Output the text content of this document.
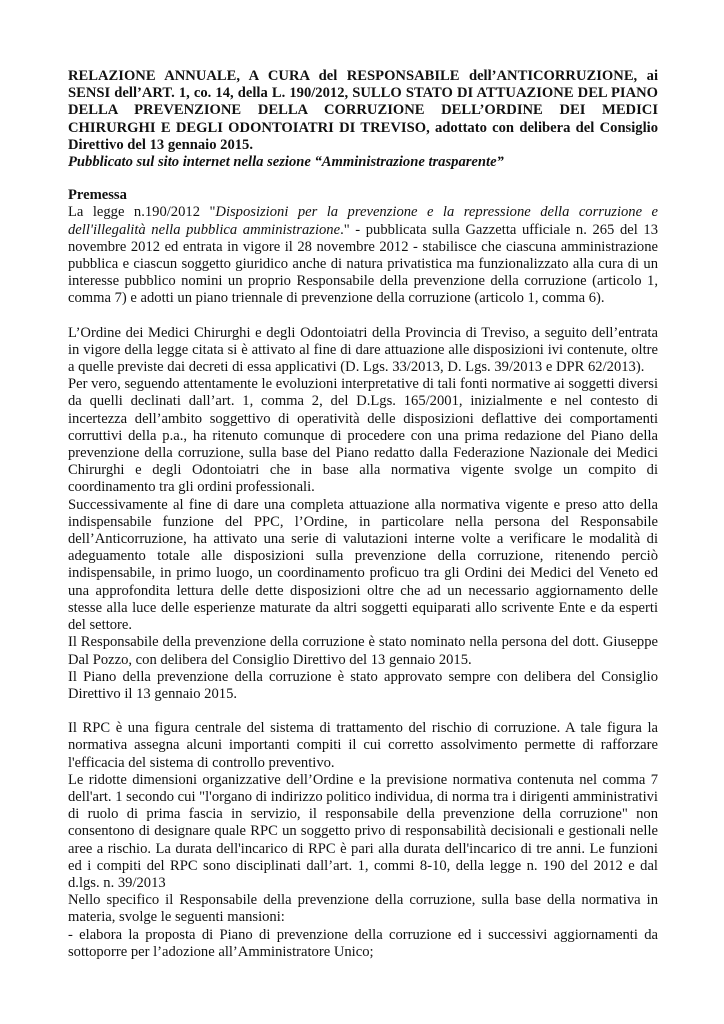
RELAZIONE ANNUALE, A CURA del RESPONSABILE dell’ANTICORRUZIONE, ai SENSI dell’ART. 1, co. 14, della L. 190/2012, SULLO STATO DI ATTUAZIONE DEL PIANO DELLA PREVENZIONE DELLA CORRUZIONE DELL’ORDINE DEI MEDICI CHIRURGHI E DEGLI ODONTOIATRI DI TREVISO, adottato con delibera del Consiglio Direttivo del 13 gennaio 2015.

Pubblicato sul sito internet nella sezione “Amministrazione trasparente”

Premessa

La legge n.190/2012 "Disposizioni per la prevenzione e la repressione della corruzione e dell'illegalità nella pubblica amministrazione." - pubblicata sulla Gazzetta ufficiale n. 265 del 13 novembre 2012 ed entrata in vigore il 28 novembre 2012 - stabilisce che ciascuna amministrazione pubblica e ciascun soggetto giuridico anche di natura privatistica ma funzionalizzato alla cura di un interesse pubblico nomini un proprio Responsabile della prevenzione della corruzione (articolo 1, comma 7) e adotti un piano triennale di prevenzione della corruzione (articolo 1, comma 6).

L’Ordine dei Medici Chirurghi e degli Odontoiatri della Provincia di Treviso, a seguito dell’entrata in vigore della legge citata si è attivato al fine di dare attuazione alle disposizioni ivi contenute, oltre a quelle previste dai decreti di essa applicativi (D. Lgs. 33/2013, D. Lgs. 39/2013 e DPR 62/2013).

Per vero, seguendo attentamente le evoluzioni interpretative di tali fonti normative ai soggetti diversi da quelli declinati dall’art. 1, comma 2, del D.Lgs. 165/2001, inizialmente e nel contesto di incertezza dell’ambito soggettivo di operatività delle disposizioni deflattive dei comportamenti corruttivi della p.a., ha ritenuto comunque di procedere con una prima redazione del Piano della prevenzione della corruzione, sulla base del Piano redatto dalla Federazione Nazionale dei Medici Chirurghi e degli Odontoiatri che in base alla normativa vigente svolge un compito di coordinamento tra gli ordini professionali.

Successivamente al fine di dare una completa attuazione alla normativa vigente e preso atto della indispensabile funzione del PPC, l’Ordine, in particolare nella persona del Responsabile dell’Anticorruzione, ha attivato una serie di valutazioni interne volte a verificare le modalità di adeguamento totale alle disposizioni sulla prevenzione della corruzione, ritenendo perciò indispensabile, in primo luogo, un coordinamento proficuo tra gli Ordini dei Medici del Veneto ed una approfondita lettura delle dette disposizioni oltre che ad un necessario aggiornamento delle stesse alla luce delle esperienze maturate da altri soggetti equiparati allo scrivente Ente e da esperti del settore.

Il Responsabile della prevenzione della corruzione è stato nominato nella persona del dott. Giuseppe Dal Pozzo, con delibera del Consiglio Direttivo del 13 gennaio 2015.

Il Piano della prevenzione della corruzione è stato approvato sempre con delibera del Consiglio Direttivo il 13 gennaio 2015.

Il RPC è una figura centrale del sistema di trattamento del rischio di corruzione. A tale figura la normativa assegna alcuni importanti compiti il cui corretto assolvimento permette di rafforzare l'efficacia del sistema di controllo preventivo.

Le ridotte dimensioni organizzative dell’Ordine e la previsione normativa contenuta nel comma 7 dell'art. 1 secondo cui "l'organo di indirizzo politico individua, di norma tra i dirigenti amministrativi di ruolo di prima fascia in servizio, il responsabile della prevenzione della corruzione" non consentono di designare quale RPC un soggetto privo di responsabilità decisionali e gestionali nelle aree a rischio. La durata dell'incarico di RPC è pari alla durata dell'incarico di tre anni. Le funzioni ed i compiti del RPC sono disciplinati dall’art. 1, commi 8-10, della legge n. 190 del 2012 e dal d.lgs. n. 39/2013

Nello specifico il Responsabile della prevenzione della corruzione, sulla base della normativa in materia, svolge le seguenti mansioni:

- elabora la proposta di Piano di prevenzione della corruzione ed i successivi aggiornamenti da sottoporre per l’adozione all’Amministratore Unico;
